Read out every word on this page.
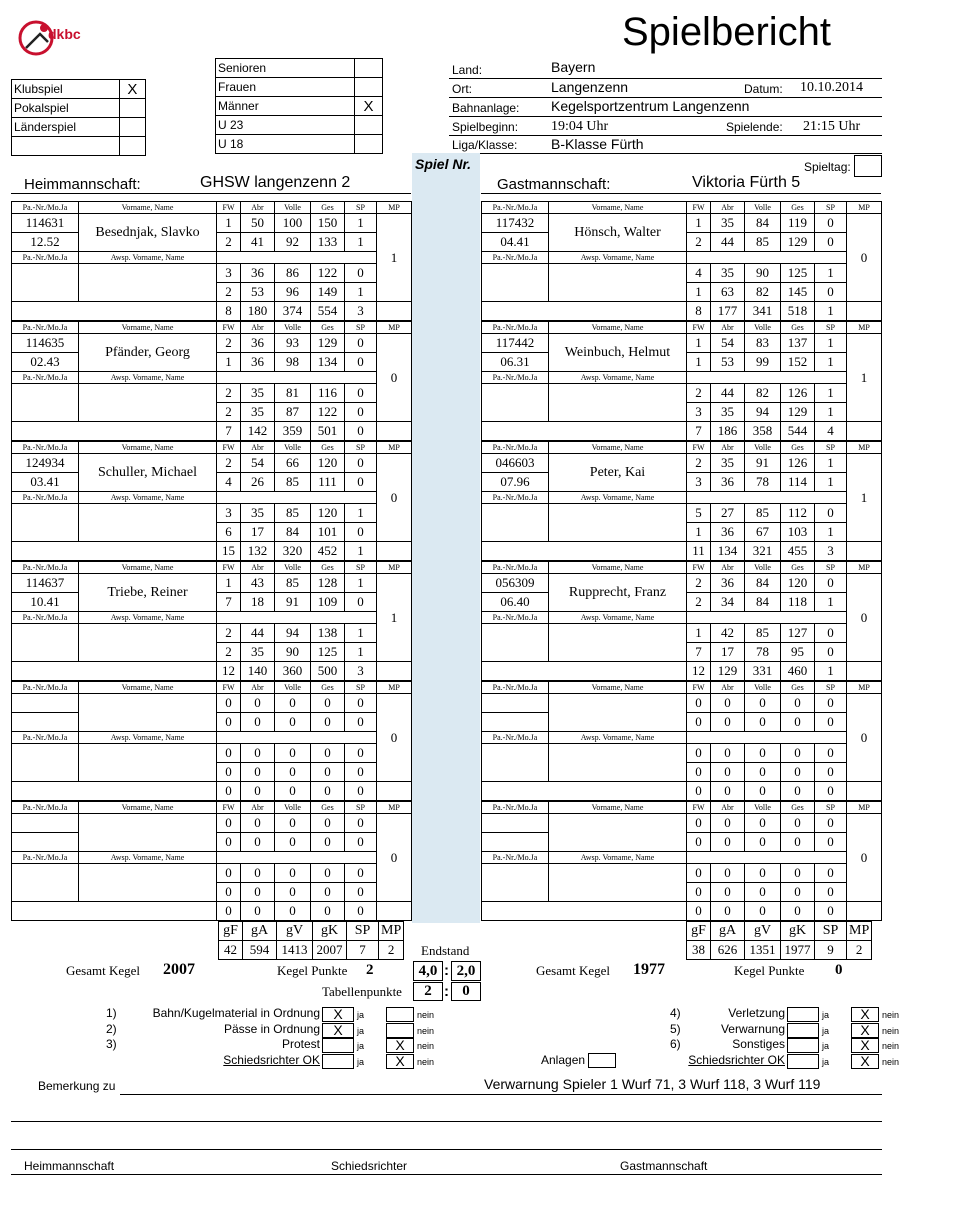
dkbc	Spielbericht
Klubspiel	X
Pokalspiel	
Länderspiel	

Senioren	
Frauen	
Männer	X
U 23	
U 18	
Land:	Bayern
Ort:	Langenzenn	Datum: 10.10.2014
Bahnanlage: Kegelsportzentrum Langenzenn
Spielbeginn: 19:04 Uhr	Spielende: 21:15 Uhr
Liga/Klasse: B-Klasse Fürth
Spiel Nr.	Spieltag:
Heimmannschaft:	GHSW langenzenn 2	Gastmannschaft:	Viktoria Fürth 5
Pa.-Nr./Mo.Ja	Vorname, Name	FW	Abr	Volle	Ges	SP	MP
114631	Besednjak, Slavko	1	50	100	150	1	1
12.52		2	41	92	133	1	
Pa.-Nr./Mo.Ja	Awsp. Vorname, Name						
		3	36	86	122	0	
		2	53	96	149	1	
		8	180	374	554	3	
Pa.-Nr./Mo.Ja	Vorname, Name	FW	Abr	Volle	Ges	SP	MP
114635	Pfänder, Georg	2	36	93	129	0	0
02.43		1	36	98	134	0	
Pa.-Nr./Mo.Ja	Awsp. Vorname, Name						
		2	35	81	116	0	
		2	35	87	122	0	
		7	142	359	501	0	
Pa.-Nr./Mo.Ja	Vorname, Name	FW	Abr	Volle	Ges	SP	MP
124934	Schuller, Michael	2	54	66	120	0	0
03.41		4	26	85	111	0	
Pa.-Nr./Mo.Ja	Awsp. Vorname, Name						
		3	35	85	120	1	
		6	17	84	101	0	
		15	132	320	452	1	
Pa.-Nr./Mo.Ja	Vorname, Name	FW	Abr	Volle	Ges	SP	MP
114637	Triebe, Reiner	1	43	85	128	1	1
10.41		7	18	91	109	0	
Pa.-Nr./Mo.Ja	Awsp. Vorname, Name						
		2	44	94	138	1	
		2	35	90	125	1	
		12	140	360	500	3	
Pa.-Nr./Mo.Ja	Vorname, Name	FW	Abr	Volle	Ges	SP	MP
		0	0	0	0	0	0
		0	0	0	0	0	
Pa.-Nr./Mo.Ja	Awsp. Vorname, Name						
		0	0	0	0	0	
		0	0	0	0	0	
		0	0	0	0	0	
Pa.-Nr./Mo.Ja	Vorname, Name	FW	Abr	Volle	Ges	SP	MP
		0	0	0	0	0	0
		0	0	0	0	0	
Pa.-Nr./Mo.Ja	Awsp. Vorname, Name						
		0	0	0	0	0	
		0	0	0	0	0	
		0	0	0	0	0	
Pa.-Nr./Mo.Ja	Vorname, Name	FW	Abr	Volle	Ges	SP	MP
117432	Hönsch, Walter	1	35	84	119	0	0
04.41		2	44	85	129	0	
Pa.-Nr./Mo.Ja	Awsp. Vorname, Name						
		4	35	90	125	1	
		1	63	82	145	0	
		8	177	341	518	1	
Pa.-Nr./Mo.Ja	Vorname, Name	FW	Abr	Volle	Ges	SP	MP
117442	Weinbuch, Helmut	1	54	83	137	1	1
06.31		1	53	99	152	1	
Pa.-Nr./Mo.Ja	Awsp. Vorname, Name						
		2	44	82	126	1	
		3	35	94	129	1	
		7	186	358	544	4	
Pa.-Nr./Mo.Ja	Vorname, Name	FW	Abr	Volle	Ges	SP	MP
046603	Peter, Kai	2	35	91	126	1	1
07.96		3	36	78	114	1	
Pa.-Nr./Mo.Ja	Awsp. Vorname, Name						
		5	27	85	112	0	
		1	36	67	103	1	
		11	134	321	455	3	
Pa.-Nr./Mo.Ja	Vorname, Name	FW	Abr	Volle	Ges	SP	MP
056309	Rupprecht, Franz	2	36	84	120	0	0
06.40		2	34	84	118	1	
Pa.-Nr./Mo.Ja	Awsp. Vorname, Name						
		1	42	85	127	0	
		7	17	78	95	0	
		12	129	331	460	1	
Pa.-Nr./Mo.Ja	Vorname, Name	FW	Abr	Volle	Ges	SP	MP
		0	0	0	0	0	0
		0	0	0	0	0	
Pa.-Nr./Mo.Ja	Awsp. Vorname, Name						
		0	0	0	0	0	
		0	0	0	0	0	
		0	0	0	0	0	
Pa.-Nr./Mo.Ja	Vorname, Name	FW	Abr	Volle	Ges	SP	MP
		0	0	0	0	0	0
		0	0	0	0	0	
Pa.-Nr./Mo.Ja	Awsp. Vorname, Name						
		0	0	0	0	0	
		0	0	0	0	0	
		0	0	0	0	0	
gF	gA	gV	gK	SP	MP
42	594	1413	2007	7	2
gF	gA	gV	gK	SP	MP
38	626	1351	1977	9	2
Endstand
Gesamt Kegel 2007	Kegel Punkte 2	4,0 : 2,0	Gesamt Kegel 1977	Kegel Punkte 0
Tabellenpunkte	2 : 0
1)	Bahn/Kugelmaterial in Ordnung X	ja	nein
2)	Pässe in Ordnung X	ja	nein
3)	Protest	ja	X	nein
Schiedsrichter OK	ja	X	nein
4)	Verletzung	ja	X	nein
5)	Verwarnung	ja	X	nein
6)	Sonstiges	ja	X	nein
Schiedsrichter OK	ja	X	nein
Anlagen
Bemerkung zu	Verwarnung Spieler 1 Wurf 71, 3 Wurf 118, 3 Wurf 119
Heimmannschaft	Schiedsrichter	Gastmannschaft
